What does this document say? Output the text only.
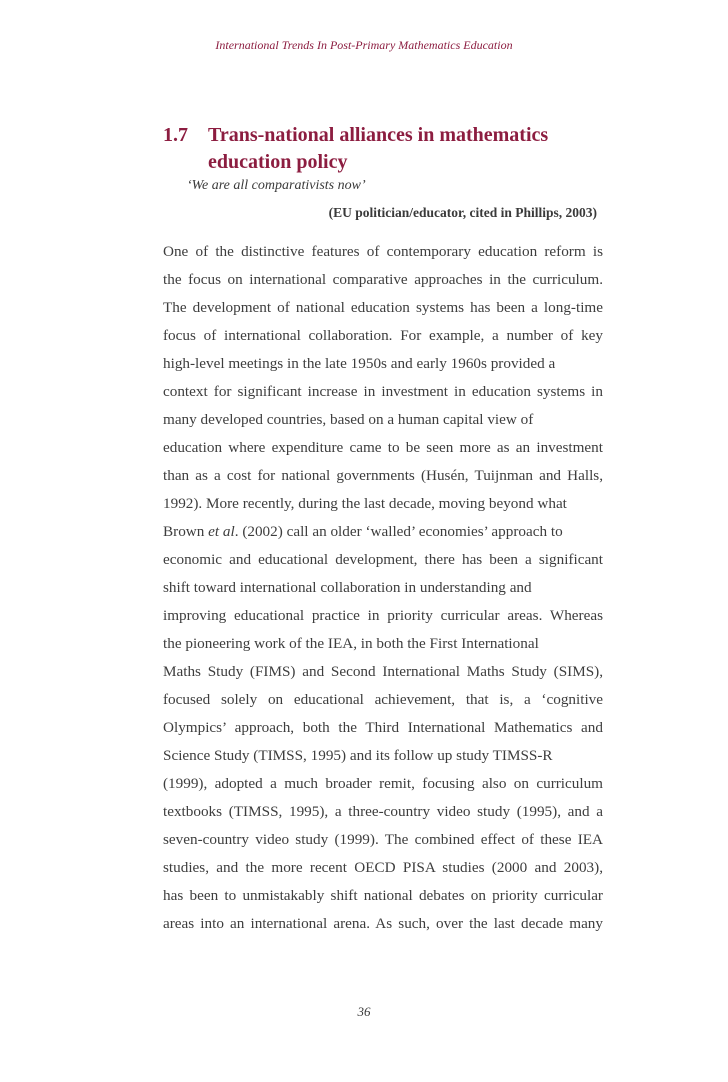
International Trends In Post-Primary Mathematics Education
1.7	Trans-national alliances in mathematics
education policy
‘We are all comparativists now’
(EU politician/educator, cited in Phillips, 2003)
One of the distinctive features of contemporary education reform is
the focus on international comparative approaches in the curriculum.
The development of national education systems has been a long-time
focus of international collaboration. For example, a number of key
high-level meetings in the late 1950s and early 1960s provided a
context for significant increase in investment in education systems in
many developed countries, based on a human capital view of
education where expenditure came to be seen more as an investment
than as a cost for national governments (Husén, Tuijnman and Halls,
1992). More recently, during the last decade, moving beyond what
Brown et al. (2002) call an older ‘walled’ economies’ approach to
economic and educational development, there has been a significant
shift toward international collaboration in understanding and
improving educational practice in priority curricular areas. Whereas
the pioneering work of the IEA, in both the First International
Maths Study (FIMS) and Second International Maths Study (SIMS),
focused solely on educational achievement, that is, a ‘cognitive
Olympics’ approach, both the Third International Mathematics and
Science Study (TIMSS, 1995) and its follow up study TIMSS-R
(1999), adopted a much broader remit, focusing also on curriculum
textbooks (TIMSS, 1995), a three-country video study (1995), and a
seven-country video study (1999). The combined effect of these IEA
studies, and the more recent OECD PISA studies (2000 and 2003),
has been to unmistakably shift national debates on priority curricular
areas into an international arena. As such, over the last decade many
36
